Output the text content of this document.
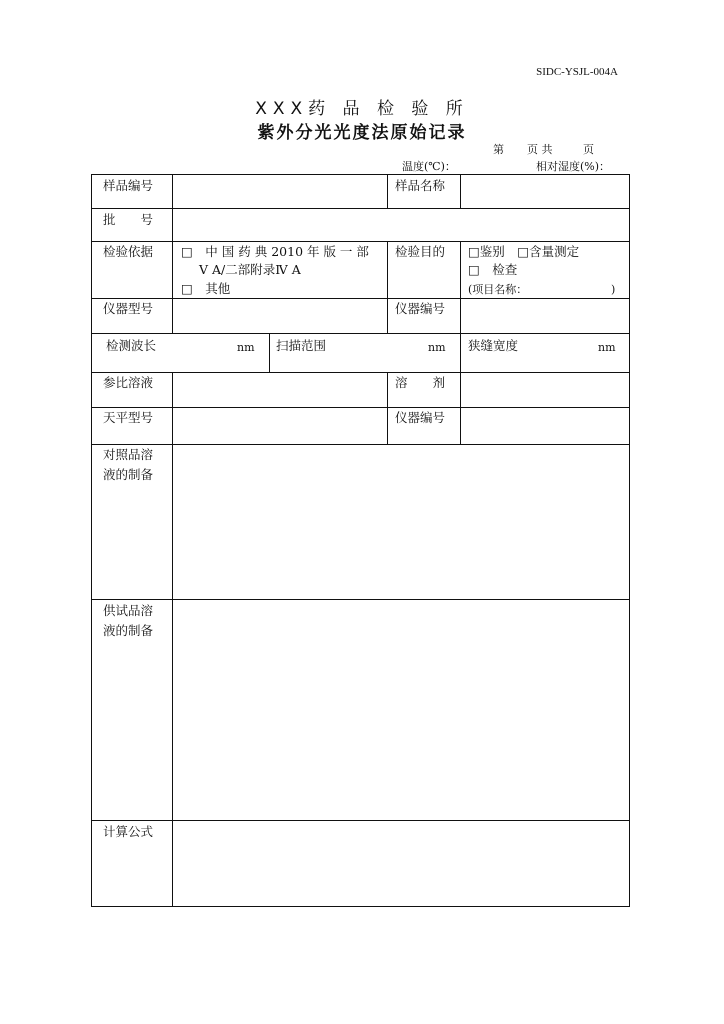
SIDC-YSJL-004A
XXX药 品 检 验 所
紫外分光光度法原始记录
第 页 共	页
温度(℃)：	相对湿度(%)：
样品编号	样品名称
批　　号
检验依据 □　中 国 药 典 2010 年 版 一 部
Ⅴ A/二部附录Ⅳ A
□　其他
检验目的 □鉴别　□含量测定
□　检查
(项目名称：	)
仪器型号	仪器编号
检测波长	nm 扫描范围	nm 狭缝宽度	nm
参比溶液	溶　　剂
天平型号	仪器编号
对照品溶
液的制备
供试品溶
液的制备
计算公式
